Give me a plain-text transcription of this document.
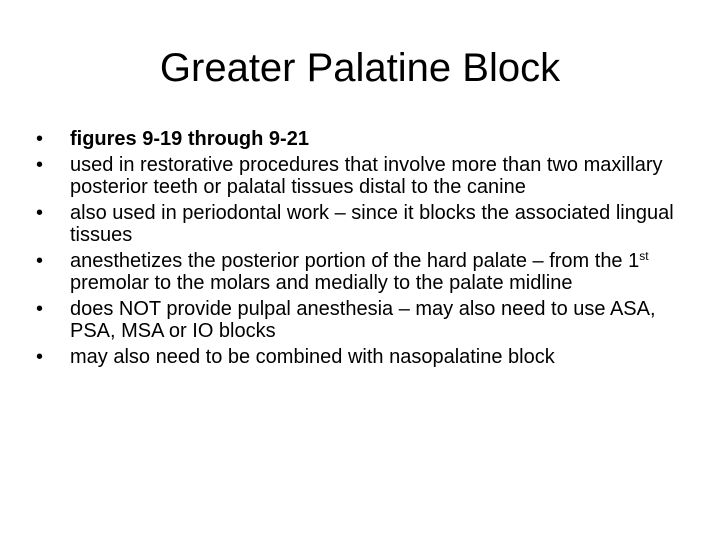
Greater Palatine Block
•	figures 9-19 through 9-21
•	used in restorative procedures that involve more than two maxillary posterior teeth or palatal tissues distal to the canine
•	also used in periodontal work – since it blocks the associated lingual tissues
•	anesthetizes the posterior portion of the hard palate – from the 1st premolar to the molars and medially to the palate midline
•	does NOT provide pulpal anesthesia – may also need to use ASA, PSA, MSA or IO blocks
•	may also need to be combined with nasopalatine block
